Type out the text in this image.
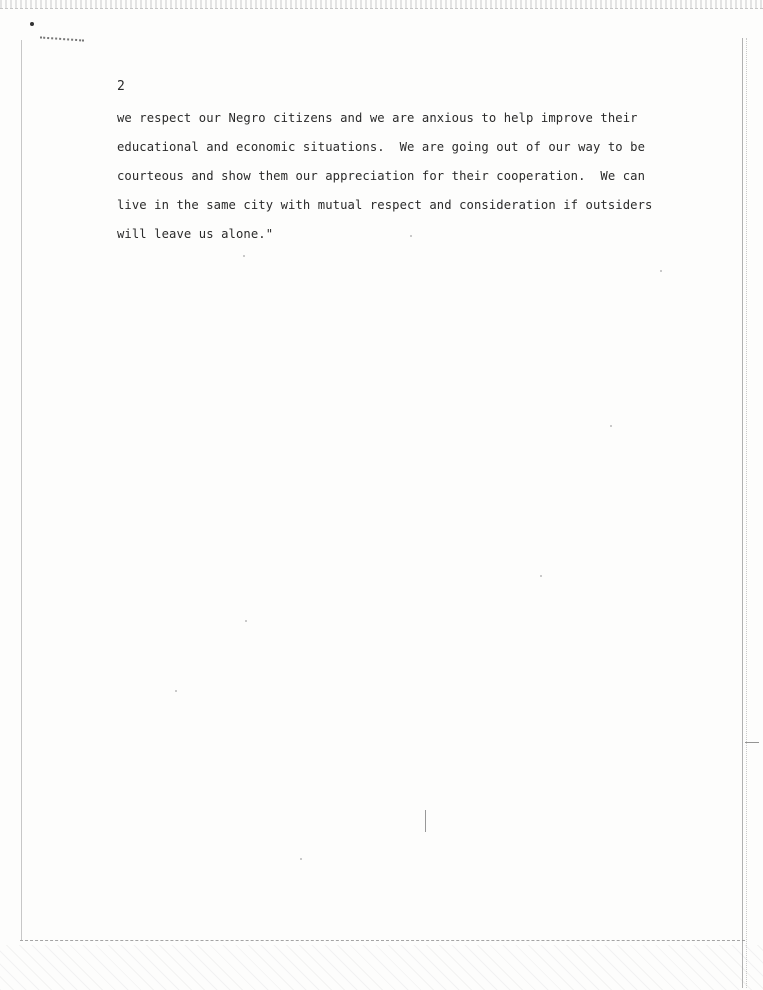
2
we respect our Negro citizens and we are anxious to help improve their
educational and economic situations.  We are going out of our way to be
courteous and show them our appreciation for their cooperation.  We can
live in the same city with mutual respect and consideration if outsiders
will leave us alone."
